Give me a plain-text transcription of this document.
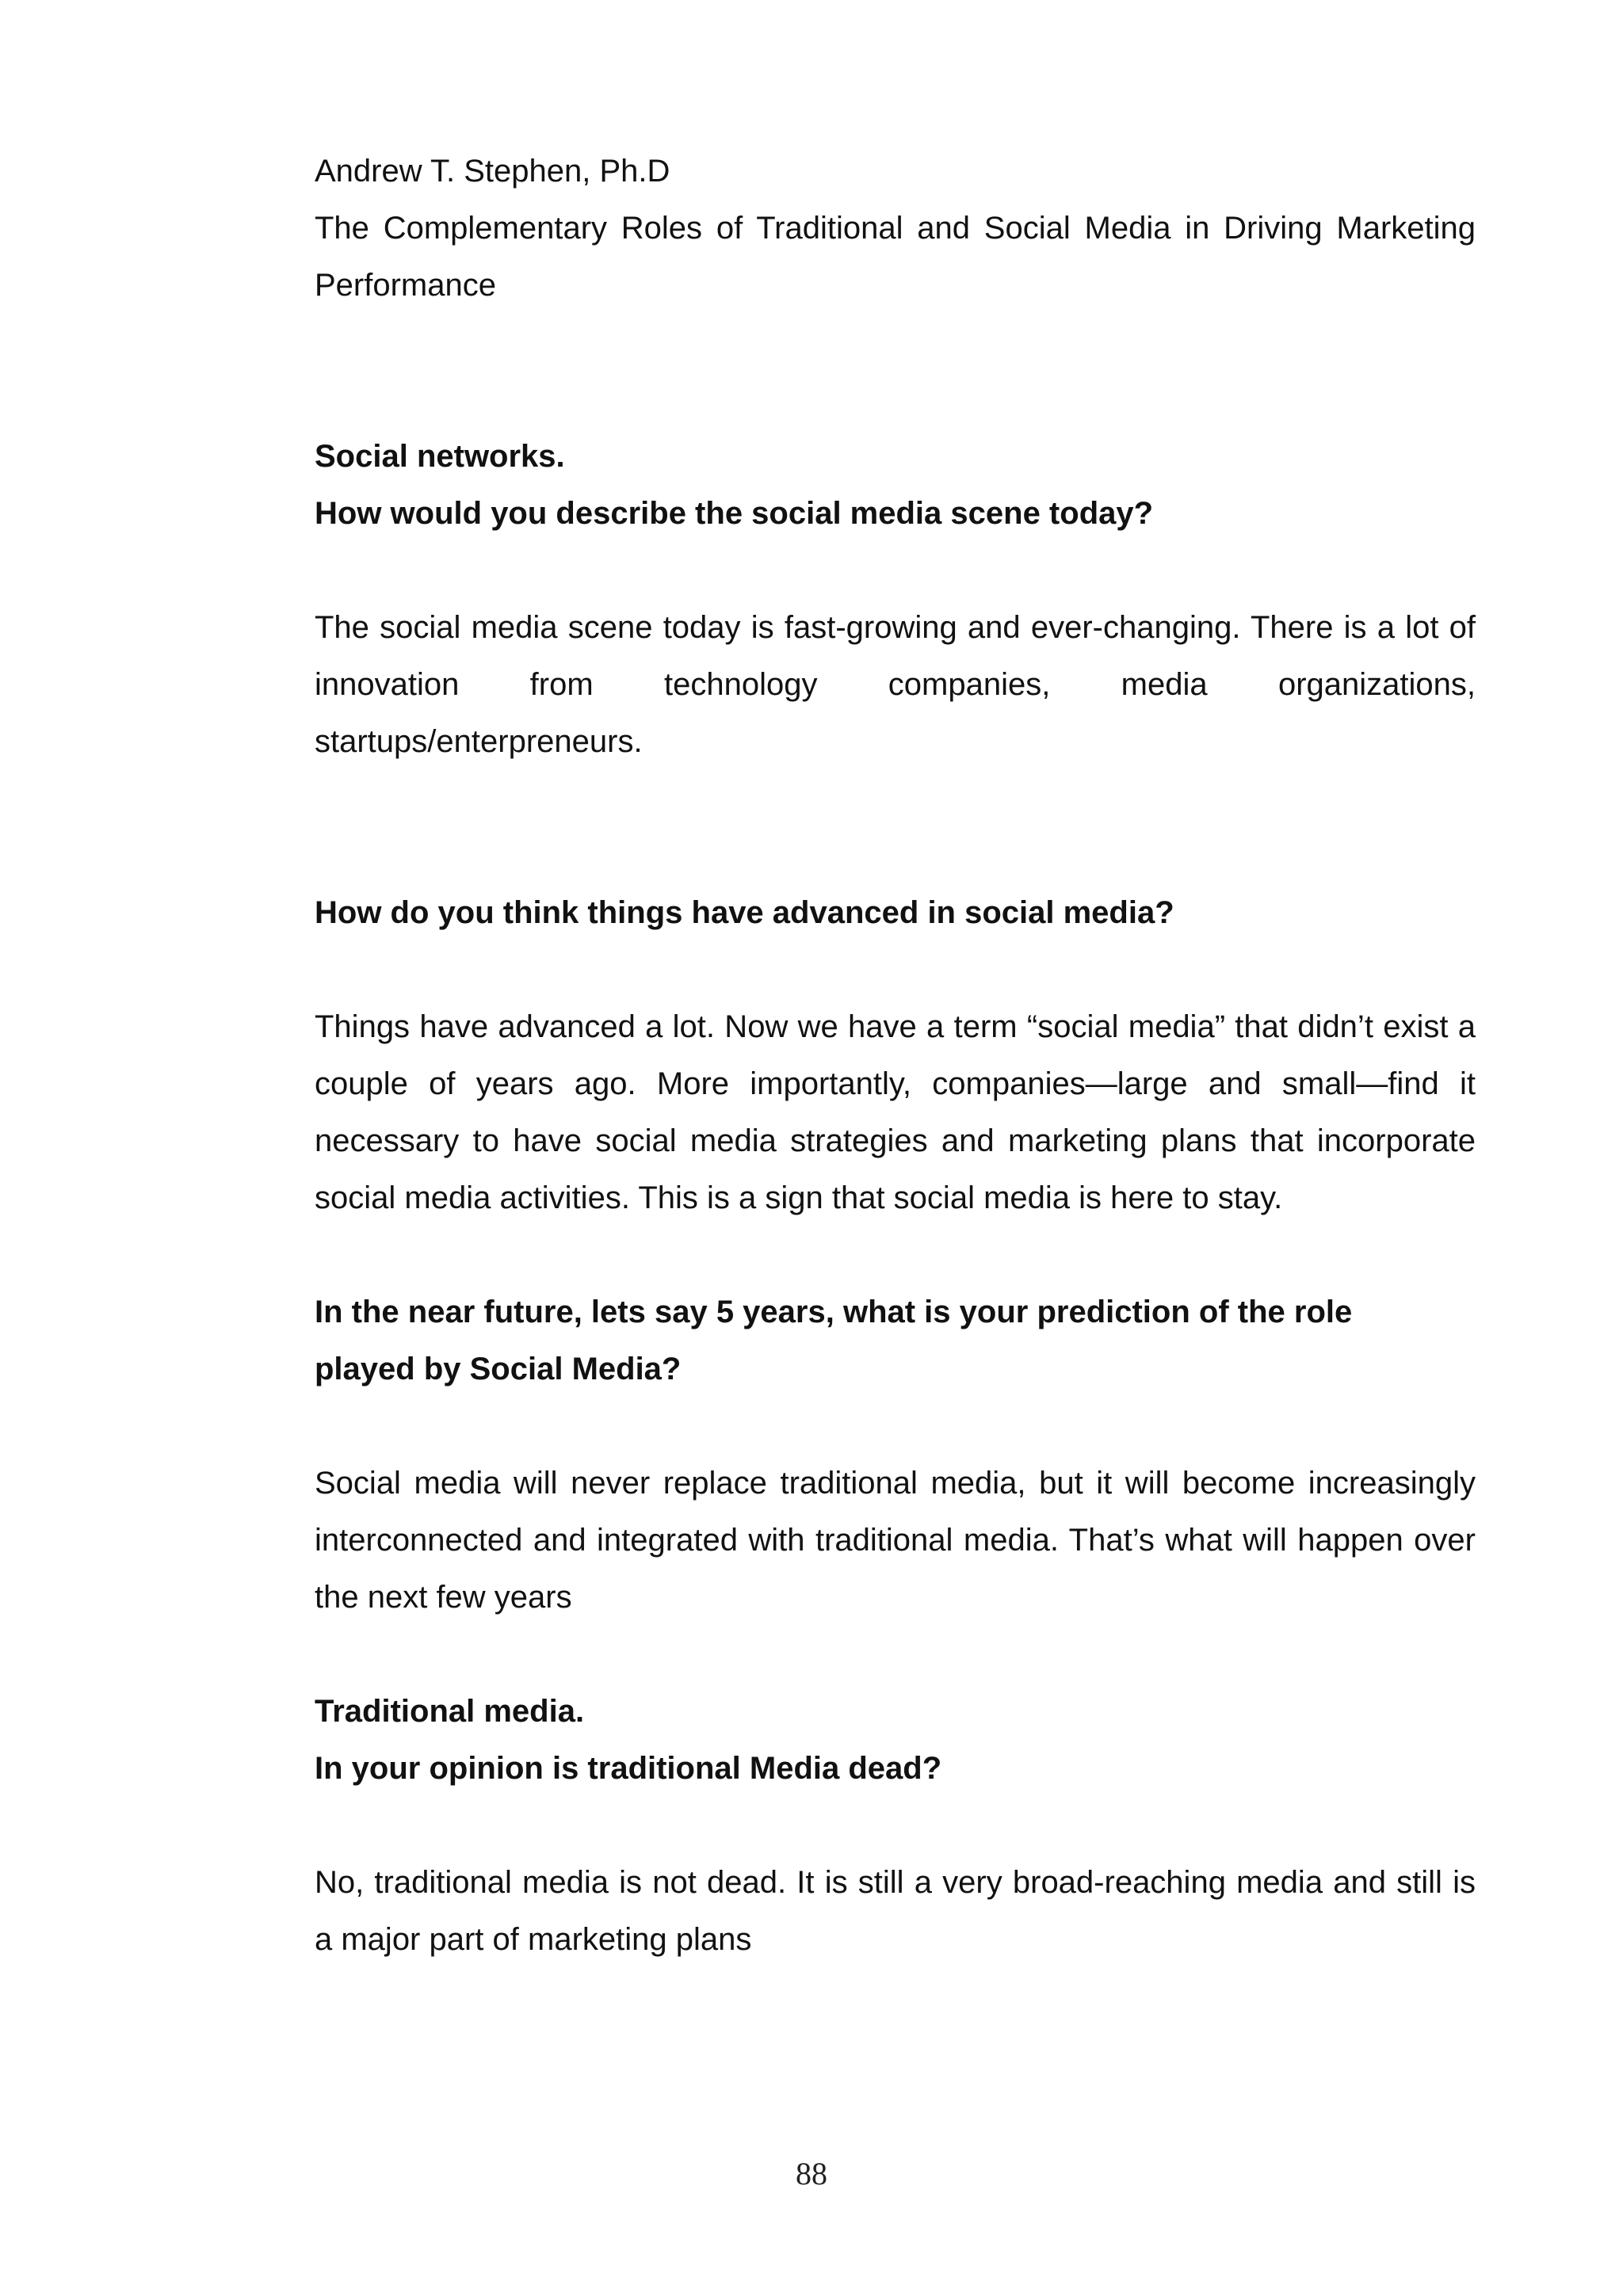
Andrew T. Stephen, Ph.D

The Complementary Roles of Traditional and Social Media in Driving Marketing Performance

Social networks.

How would you describe the social media scene today?

The social media scene today is fast-growing and ever-changing. There is a lot of innovation from technology companies, media organizations, startups/enterpreneurs.

How do you think things have advanced in social media?

Things have advanced a lot. Now we have a term “social media” that didn’t exist a couple of years ago. More importantly, companies—large and small—find it necessary to have social media strategies and marketing plans that incorporate social media activities. This is a sign that social media is here to stay.

In the near future, lets say 5 years, what is your prediction of the role played by Social Media?

Social media will never replace traditional media, but it will become increasingly interconnected and integrated with traditional media. That’s what will happen over the next few years

Traditional media.

In your opinion is traditional Media dead?

No, traditional media is not dead. It is still a very broad-reaching media and still is a major part of marketing plans

88
